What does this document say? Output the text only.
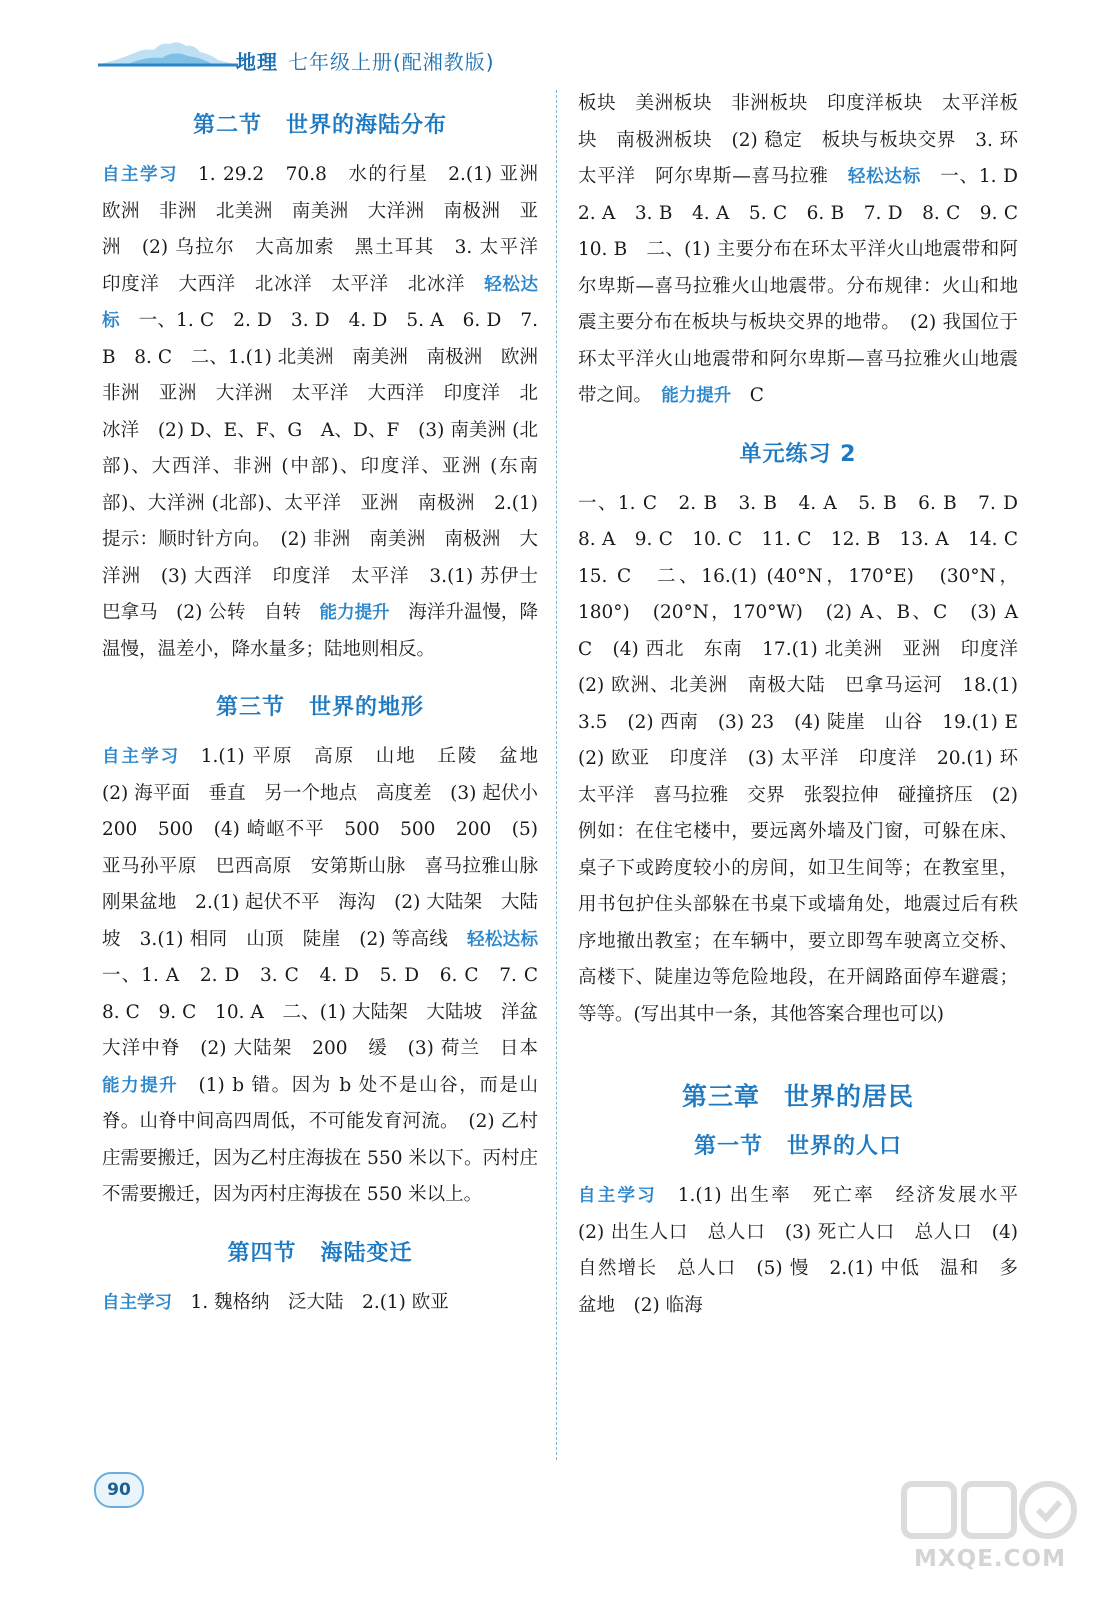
地理 七年级上册(配湘教版)
第二节 世界的海陆分布

自主学习　 1. 29.2　70.8　水的行星　2.(1) 亚洲　欧洲　非洲　北美洲　南美洲　大洋洲　南极洲　亚洲　(2) 乌拉尔　大高加索　黑土耳其　3. 太平洋　印度洋　大西洋　北冰洋　太平洋　北冰洋　 轻松达标　 一、1. C　2. D　3. D　4. D　5. A　6. D　7. B　8. C　二、1.(1) 北美洲　南美洲　南极洲　欧洲　非洲　亚洲　大洋洲　太平洋　大西洋　印度洋　北冰洋　(2) D、E、F、G　A、D、F　(3) 南美洲 (北部)、大西洋、非洲 (中部)、印度洋、亚洲 (东南部)、大洋洲 (北部)、太平洋　亚洲　南极洲　2.(1) 提示：顺时针方向。　(2) 非洲　南美洲　南极洲　大洋洲　(3) 大西洋　印度洋　太平洋　3.(1) 苏伊士　巴拿马　(2) 公转　自转　 能力提升　 海洋升温慢，降温慢，温差小，降水量多；陆地则相反。

第三节 世界的地形

自主学习　 1.(1) 平原　高原　山地　丘陵　盆地　(2) 海平面　垂直　另一个地点　高度差　(3) 起伏小　200　500　(4) 崎岖不平　500　500　200　(5) 亚马孙平原　巴西高原　安第斯山脉　喜马拉雅山脉　刚果盆地　2.(1) 起伏不平　海沟　(2) 大陆架　大陆坡　3.(1) 相同　山顶　陡崖　(2) 等高线　 轻松达标　一、1. A　2. D　3. C　4. D　5. D　6. C　7. C　8. C　9. C　10. A　二、(1) 大陆架　大陆坡　洋盆　大洋中脊　(2) 大陆架　200　缓　(3) 荷兰　日本　能力提升　 (1) b 错。因为 b 处不是山谷，而是山脊。山脊中间高四周低，不可能发育河流。　(2) 乙村庄需要搬迁，因为乙村庄海拔在 550 米以下。丙村庄不需要搬迁，因为丙村庄海拔在 550 米以上。

第四节 海陆变迁

自主学习　 1. 魏格纳　泛大陆　2.(1) 欧亚

板块　美洲板块　非洲板块　印度洋板块　太平洋板块　南极洲板块　(2) 稳定　板块与板块交界　3. 环太平洋　阿尔卑斯—喜马拉雅　 轻松达标　 一、1. D　2. A　3. B　4. A　5. C　6. B　7. D　8. C　9. C　10. B　二、(1) 主要分布在环太平洋火山地震带和阿尔卑斯—喜马拉雅火山地震带。分布规律：火山和地震主要分布在板块与板块交界的地带。　(2) 我国位于环太平洋火山地震带和阿尔卑斯—喜马拉雅火山地震带之间。　 能力提升　 C

单元练习 2

一、1. C　2. B　3. B　4. A　5. B　6. B　7. D　8. A　9. C　10. C　11. C　12. B　13. A　14. C　15. C　二、16.(1) (40°N，170°E)　(30°N，180°)　(20°N，170°W)　(2) A、B、C　(3) A　C　(4) 西北　东南　17.(1) 北美洲　亚洲　印度洋　(2) 欧洲、北美洲　南极大陆　巴拿马运河　18.(1) 3.5　(2) 西南　(3) 23　(4) 陡崖　山谷　19.(1) E　(2) 欧亚　印度洋　(3) 太平洋　印度洋　20.(1) 环太平洋　喜马拉雅　交界　张裂拉伸　碰撞挤压　(2) 例如：在住宅楼中，要远离外墙及门窗，可躲在床、桌子下或跨度较小的房间，如卫生间等；在教室里，用书包护住头部躲在书桌下或墙角处，地震过后有秩序地撤出教室；在车辆中，要立即驾车驶离立交桥、高楼下、陡崖边等危险地段，在开阔路面停车避震；等等。(写出其中一条，其他答案合理也可以)

第三章 世界的居民
第一节 世界的人口

自主学习　 1.(1) 出生率　死亡率　经济发展水平　(2) 出生人口　总人口　(3) 死亡人口　总人口　(4) 自然增长　总人口　(5) 慢　2.(1) 中低　温和　多　盆地　(2) 临海

90
MXQE.COM
